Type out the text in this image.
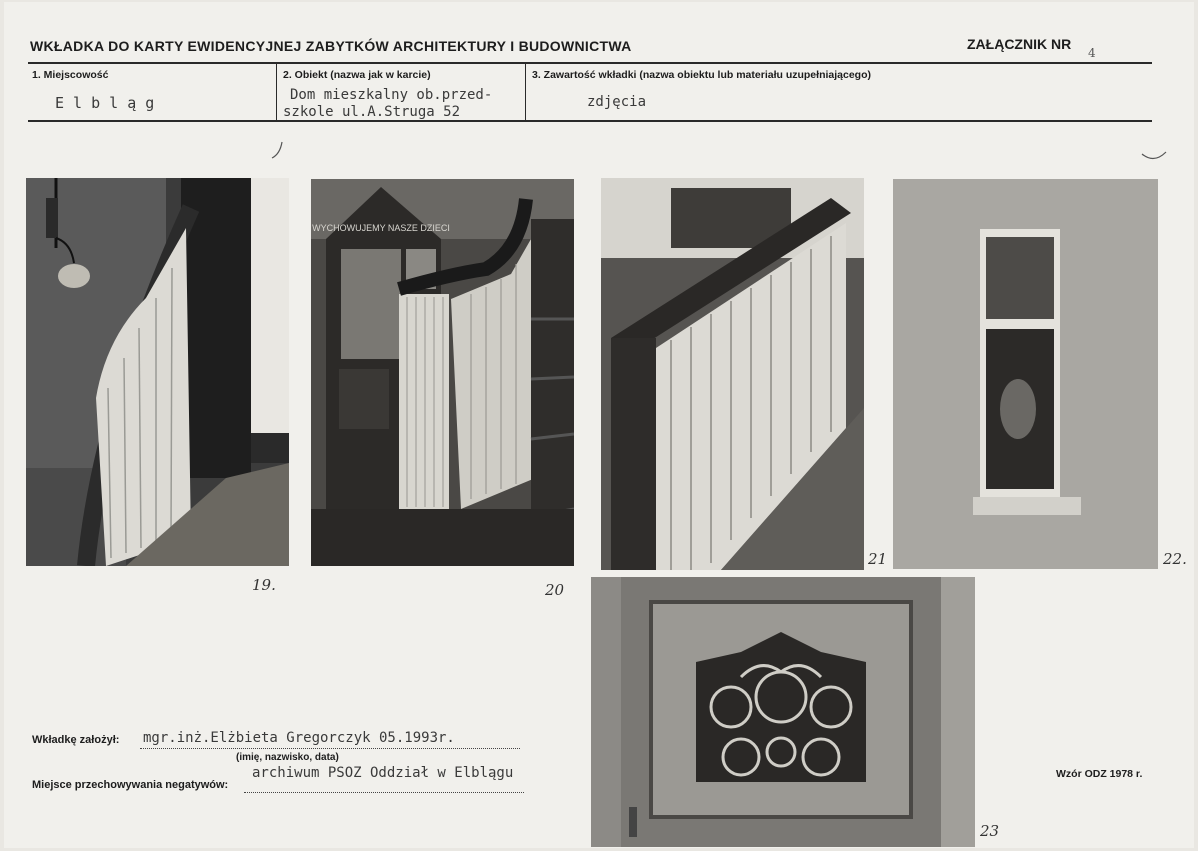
WKŁADKA DO KARTY EWIDENCYJNEJ ZABYTKÓW ARCHITEKTURY I BUDOWNICTWA	ZAŁĄCZNIK NR
4
1. Miejscowość
E l b l ą g
2. Obiekt (nazwa jak w karcie)
Dom mieszkalny ob.przed-
szkole ul.A.Struga 52
3. Zawartość wkładki (nazwa obiektu lub materiału uzupełniającego)
zdjęcia
WYCHOWUJEMY NASZE DZIECI
19.	20
21	22.
23
Wkładkę założył: mgr.inż.Elżbieta Gregorczyk 05.1993r.
(imię, nazwisko, data)
Miejsce przechowywania negatywów:
archiwum PSOZ Oddział w Elblągu	Wzór ODZ 1978 r.
